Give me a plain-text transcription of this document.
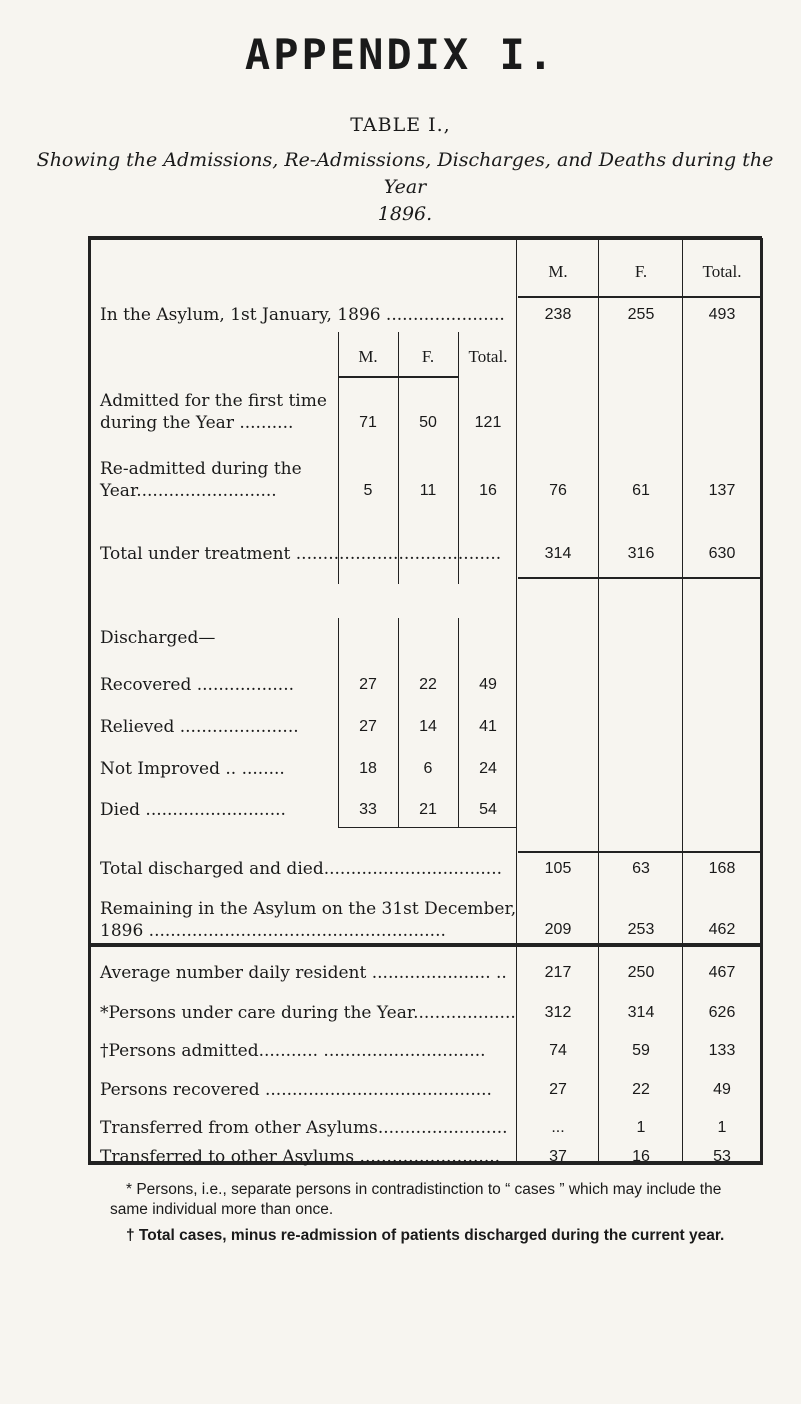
APPENDIX I.
TABLE I.,
Showing the Admissions, Re-Admissions, Discharges, and Deaths during the Year
1896.
M.	F.	Total.
In the Asylum, 1st January, 1896 ......................	238	255	493
M.	F.	Total.
Admitted for the first time
during the Year ..........	71	50	121
Re-admitted during the
Year..........................	5	11	16	76	61	137
Total under treatment ......................................	314	316	630
Discharged—
Recovered ..................	27	22	49
Relieved ......................	27	14	41
Not Improved .. ........	18	6	24
Died ..........................	33	21	54
Total discharged and died.................................	105	63	168
Remaining in the Asylum on the 31st December,
1896 .......................................................	209	253	462
Average number daily resident ...................... ..	217	250	467
*Persons under care during the Year...................	312	314	626
†Persons admitted........... ..............................	74	59	133
Persons recovered ..........................................	27	22	49
Transferred from other Asylums........................	...	1	1
Transferred to other Asylums ..........................	37	16	53
* Persons, i.e., separate persons in contradistinction to “ cases ” which may include the
same individual more than once.
† Total cases, minus re-admission of patients discharged during the current year.
